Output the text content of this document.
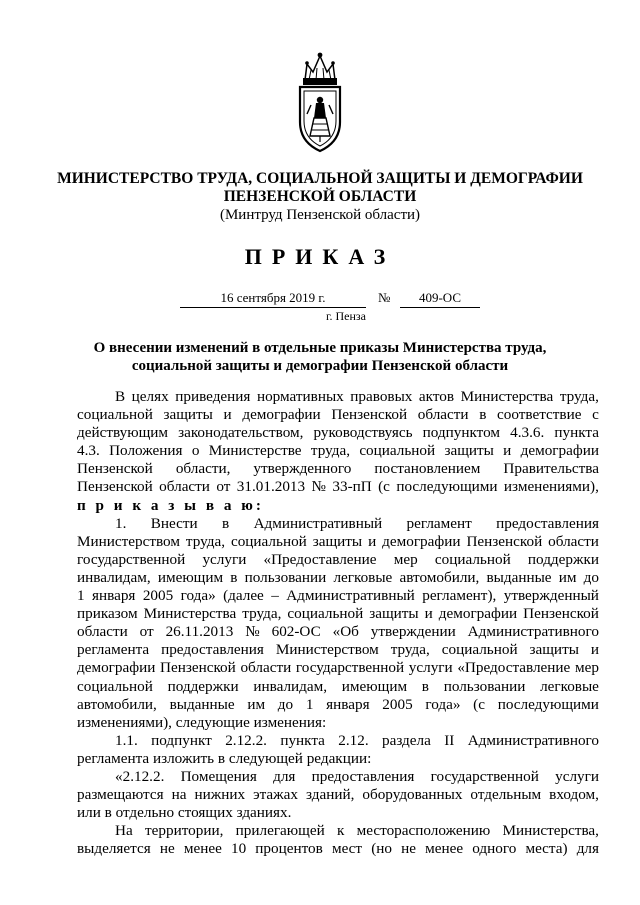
МИНИСТЕРСТВО ТРУДА, СОЦИАЛЬНОЙ ЗАЩИТЫ И ДЕМОГРАФИИ
ПЕНЗЕНСКОЙ ОБЛАСТИ
(Минтруд Пензенской области)
ПРИКАЗ
16 сентября 2019 г.	№	409-ОС
г. Пенза
О внесении изменений в отдельные приказы Министерства труда,
социальной защиты и демографии Пензенской области
В целях приведения нормативных правовых актов Министерства труда,
социальной защиты и демографии Пензенской области в соответствие с
действующим законодательством, руководствуясь подпунктом 4.3.6. пункта
4.3. Положения о Министерстве труда, социальной защиты и демографии
Пензенской области, утвержденного постановлением Правительства
Пензенской области от 31.01.2013 № 33-пП (с последующими изменениями),
п р и к а з ы в а ю:
1. Внести в Административный регламент предоставления
Министерством труда, социальной защиты и демографии Пензенской области
государственной услуги «Предоставление мер социальной поддержки
инвалидам, имеющим в пользовании легковые автомобили, выданные им до
1 января 2005 года» (далее – Административный регламент), утвержденный
приказом Министерства труда, социальной защиты и демографии Пензенской
области от 26.11.2013 № 602-ОС «Об утверждении Административного
регламента предоставления Министерством труда, социальной защиты и
демографии Пензенской области государственной услуги «Предоставление мер
социальной поддержки инвалидам, имеющим в пользовании легковые
автомобили, выданные им до 1 января 2005 года» (с последующими
изменениями), следующие изменения:
1.1. подпункт 2.12.2. пункта 2.12. раздела II Административного
регламента изложить в следующей редакции:
«2.12.2. Помещения для предоставления государственной услуги
размещаются на нижних этажах зданий, оборудованных отдельным входом,
или в отдельно стоящих зданиях.
На территории, прилегающей к месторасположению Министерства,
выделяется не менее 10 процентов мест (но не менее одного места) для
